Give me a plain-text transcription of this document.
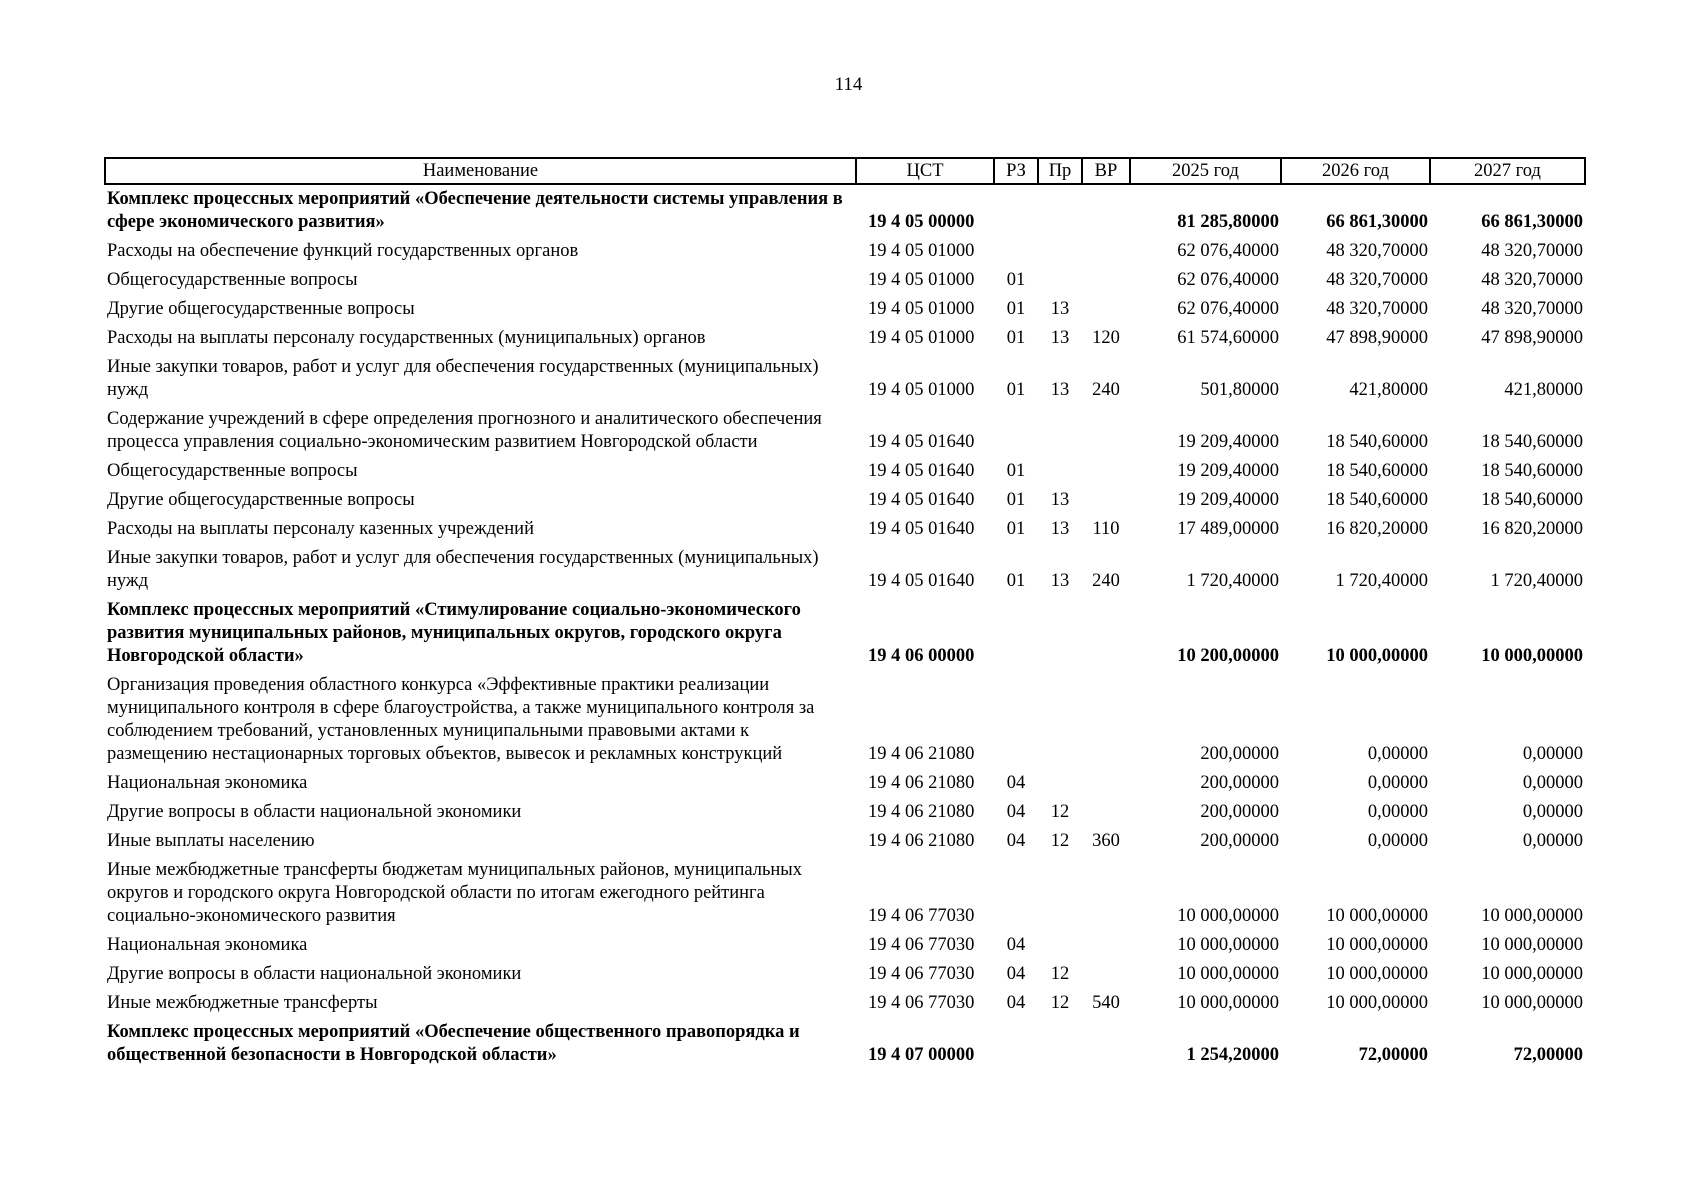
114
Наименование	ЦСТ	РЗ	Пр	ВР	2025 год	2026 год	2027 год
Комплекс процессных мероприятий «Обеспечение деятельности системы управления в сфере экономического развития»	19 4 05 00000				81 285,80000	66 861,30000	66 861,30000
Расходы на обеспечение функций государственных органов	19 4 05 01000				62 076,40000	48 320,70000	48 320,70000
Общегосударственные вопросы	19 4 05 01000	01			62 076,40000	48 320,70000	48 320,70000
Другие общегосударственные вопросы	19 4 05 01000	01	13		62 076,40000	48 320,70000	48 320,70000
Расходы на выплаты персоналу государственных (муниципальных) органов	19 4 05 01000	01	13	120	61 574,60000	47 898,90000	47 898,90000
Иные закупки товаров, работ и услуг для обеспечения государственных (муниципальных) нужд	19 4 05 01000	01	13	240	501,80000	421,80000	421,80000
Содержание учреждений в сфере определения прогнозного и аналитического обеспечения процесса управления социально-экономическим развитием Новгородской области	19 4 05 01640				19 209,40000	18 540,60000	18 540,60000
Общегосударственные вопросы	19 4 05 01640	01			19 209,40000	18 540,60000	18 540,60000
Другие общегосударственные вопросы	19 4 05 01640	01	13		19 209,40000	18 540,60000	18 540,60000
Расходы на выплаты персоналу казенных учреждений	19 4 05 01640	01	13	110	17 489,00000	16 820,20000	16 820,20000
Иные закупки товаров, работ и услуг для обеспечения государственных (муниципальных) нужд	19 4 05 01640	01	13	240	1 720,40000	1 720,40000	1 720,40000
Комплекс процессных мероприятий «Стимулирование социально-экономического развития муниципальных районов, муниципальных округов, городского округа Новгородской области»	19 4 06 00000				10 200,00000	10 000,00000	10 000,00000
Организация проведения областного конкурса «Эффективные практики реализации муниципального контроля в сфере благоустройства, а также муниципального контроля за соблюдением требований, установленных муниципальными правовыми актами к размещению нестационарных торговых объектов, вывесок и рекламных конструкций	19 4 06 21080				200,00000	0,00000	0,00000
Национальная экономика	19 4 06 21080	04			200,00000	0,00000	0,00000
Другие вопросы в области национальной экономики	19 4 06 21080	04	12		200,00000	0,00000	0,00000
Иные выплаты населению	19 4 06 21080	04	12	360	200,00000	0,00000	0,00000
Иные межбюджетные трансферты бюджетам муниципальных районов, муниципальных округов и городского округа Новгородской области по итогам ежегодного рейтинга социально-экономического развития	19 4 06 77030				10 000,00000	10 000,00000	10 000,00000
Национальная экономика	19 4 06 77030	04			10 000,00000	10 000,00000	10 000,00000
Другие вопросы в области национальной экономики	19 4 06 77030	04	12		10 000,00000	10 000,00000	10 000,00000
Иные межбюджетные трансферты	19 4 06 77030	04	12	540	10 000,00000	10 000,00000	10 000,00000
Комплекс процессных мероприятий «Обеспечение общественного правопорядка и общественной безопасности в Новгородской области»	19 4 07 00000				1 254,20000	72,00000	72,00000
